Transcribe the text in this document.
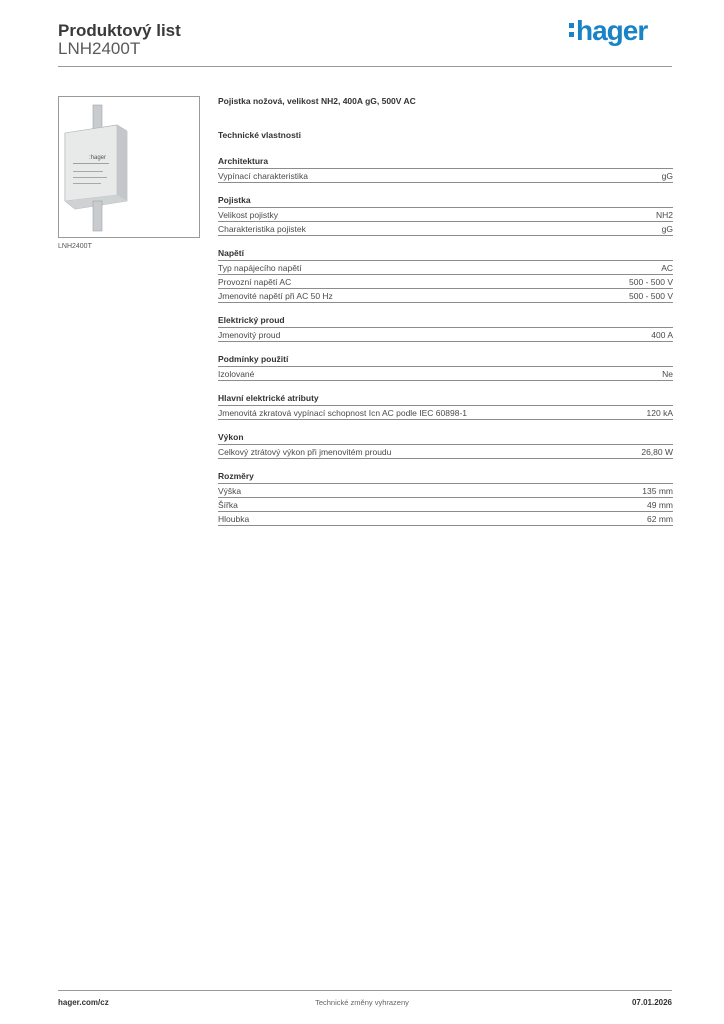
Produktový list
LNH2400T
hager
:hager
LNH2400T
Pojistka nožová, velikost NH2, 400A gG, 500V AC
Technické vlastnosti
Architektura
Vypínací charakteristika	gG
Pojistka
Velikost pojistky	NH2
Charakteristika pojistek	gG
Napětí
Typ napájecího napětí	AC
Provozní napětí AC	500 - 500 V
Jmenovité napětí při AC 50 Hz	500 - 500 V
Elektrický proud
Jmenovitý proud	400 A
Podmínky použití
Izolované	Ne
Hlavní elektrické atributy
Jmenovitá zkratová vypínací schopnost Icn AC podle IEC 60898-1	120 kA
Výkon
Celkový ztrátový výkon při jmenovitém proudu	26,80 W
Rozměry
Výška	135 mm
Šířka	49 mm
Hloubka	62 mm
hager.com/cz	Technické změny vyhrazeny	07.01.2026
